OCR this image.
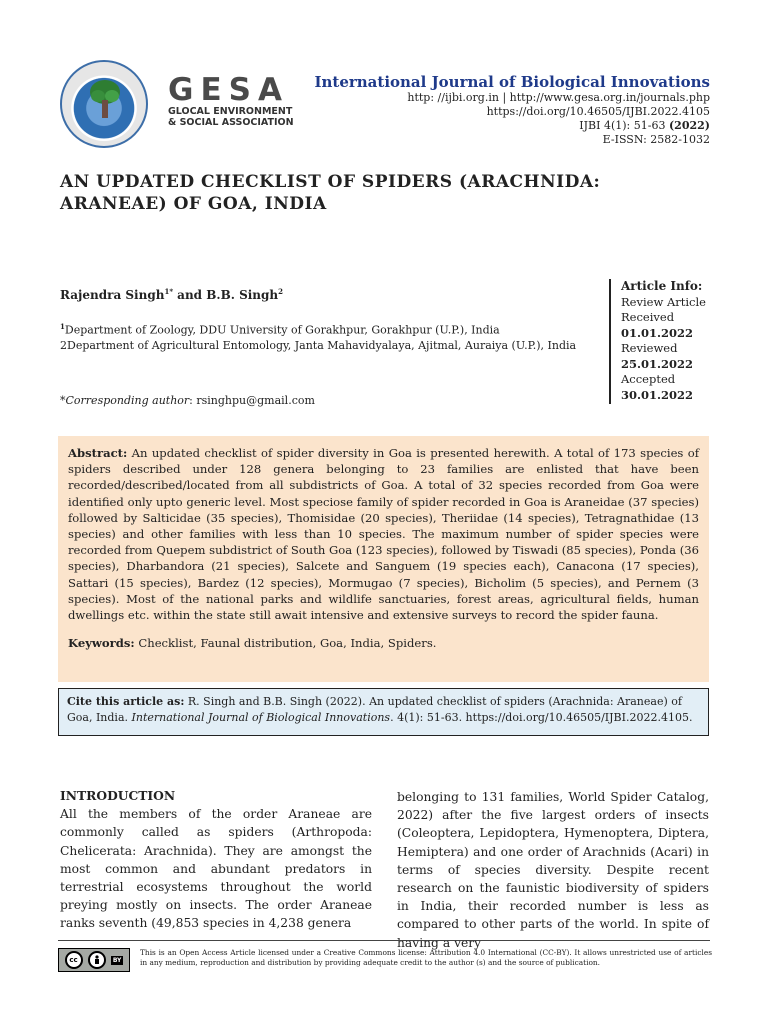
GESA
GLOCAL ENVIRONMENT
& SOCIAL ASSOCIATION
International Journal of Biological Innovations
http: //ijbi.org.in | http://www.gesa.org.in/journals.php
https://doi.org/10.46505/IJBI.2022.4105
IJBI 4(1): 51-63 (2022)
E-ISSN: 2582-1032
AN UPDATED CHECKLIST OF SPIDERS (ARACHNIDA: ARANEAE) OF GOA, INDIA
Rajendra Singh$^{1*}$ and B.B. Singh$^2$
$^1$Department of Zoology, DDU University of Gorakhpur, Gorakhpur (U.P.), India
2Department of Agricultural Entomology, Janta Mahavidyalaya, Ajitmal, Auraiya (U.P.), India
*Corresponding author: rsinghpu@gmail.com
Article Info:
Review Article
Received
01.01.2022
Reviewed
25.01.2022
Accepted
30.01.2022
Abstract: An updated checklist of spider diversity in Goa is presented herewith. A total of 173 species of spiders described under 128 genera belonging to 23 families are enlisted that have been recorded/described/located from all subdistricts of Goa. A total of 32 species recorded from Goa were identified only upto generic level. Most speciose family of spider recorded in Goa is Araneidae (37 species) followed by Salticidae (35 species), Thomisidae (20 species), Theriidae (14 species), Tetragnathidae (13 species) and other families with less than 10 species. The maximum number of spider species were recorded from Quepem subdistrict of South Goa (123 species), followed by Tiswadi (85 species), Ponda (36 species), Dharbandora (21 species), Salcete and Sanguem (19 species each), Canacona (17 species), Sattari (15 species), Bardez (12 species), Mormugao (7 species), Bicholim (5 species), and Pernem (3 species). Most of the national parks and wildlife sanctuaries, forest areas, agricultural fields, human dwellings etc. within the state still await intensive and extensive surveys to record the spider fauna.
Keywords: Checklist, Faunal distribution, Goa, India, Spiders.
Cite this article as: R. Singh and B.B. Singh (2022). An updated checklist of spiders (Arachnida: Araneae) of Goa, India. International Journal of Biological Innovations. 4(1): 51-63. https://doi.org/10.46505/IJBI.2022.4105.
INTRODUCTION
All the members of the order Araneae are commonly called as spiders (Arthropoda: Chelicerata: Arachnida). They are amongst the most common and abundant predators in terrestrial ecosystems throughout the world preying mostly on insects. The order Araneae ranks seventh (49,853 species in 4,238 genera
belonging to 131 families, World Spider Catalog, 2022) after the five largest orders of insects (Coleoptera, Lepidoptera, Hymenoptera, Diptera, Hemiptera) and one order of Arachnids (Acari) in terms of species diversity. Despite recent research on the faunistic biodiversity of spiders in India, their recorded number is less as compared to other parts of the world. In spite of having a very
cc	BY
This is an Open Access Article licensed under a Creative Commons license: Attribution 4.0 International (CC-BY). It allows unrestricted use of articles in any medium, reproduction and distribution by providing adequate credit to the author (s) and the source of publication.
